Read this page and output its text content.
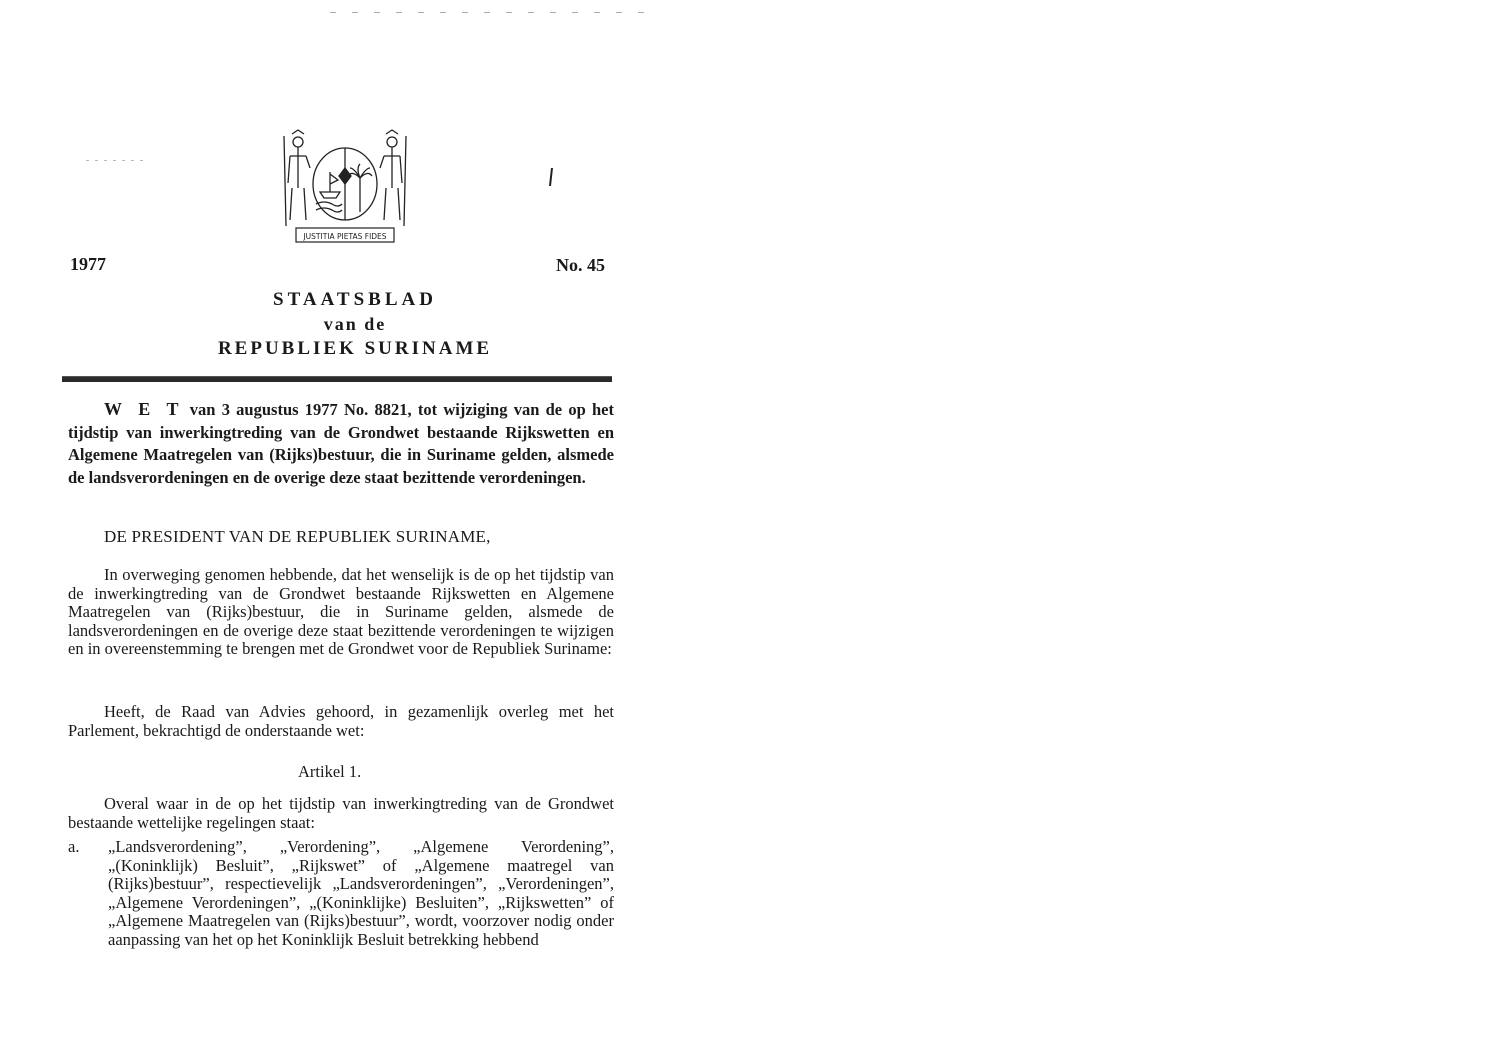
JUSTITIA PIETAS FIDES
1977	No. 45
STAATSBLAD
van de
REPUBLIEK SURINAME
W E T van 3 augustus 1977 No. 8821, tot wijziging van de op het tijdstip van inwerkingtreding van de Grondwet bestaande Rijkswetten en Algemene Maatregelen van (Rijks)bestuur, die in Suriname gelden, alsmede de landsverordeningen en de overige deze staat bezittende verordeningen.
DE PRESIDENT VAN DE REPUBLIEK SURINAME,
In overweging genomen hebbende, dat het wenselijk is de op het tijdstip van de inwerkingtreding van de Grondwet bestaande Rijkswetten en Algemene Maatregelen van (Rijks)bestuur, die in Suriname gelden, alsmede de landsverordeningen en de overige deze staat bezittende verordeningen te wijzigen en in overeenstemming te brengen met de Grondwet voor de Republiek Suriname:
Heeft, de Raad van Advies gehoord, in gezamenlijk overleg met het Parlement, bekrachtigd de onderstaande wet:
Artikel 1.
Overal waar in de op het tijdstip van inwerkingtreding van de Grondwet bestaande wettelijke regelingen staat:
a. „Landsverordening”, „Verordening”, „Algemene Verordening”, „(Koninklijk) Besluit”, „Rijkswet” of „Algemene maatregel van (Rijks)bestuur”, respectievelijk „Landsverordeningen”, „Verordeningen”, „Algemene Verordeningen”, „(Koninklijke) Besluiten”, „Rijkswetten” of „Algemene Maatregelen van (Rijks)bestuur”, wordt, voorzover nodig onder aanpassing van het op het Koninklijk Besluit betrekking hebbend
